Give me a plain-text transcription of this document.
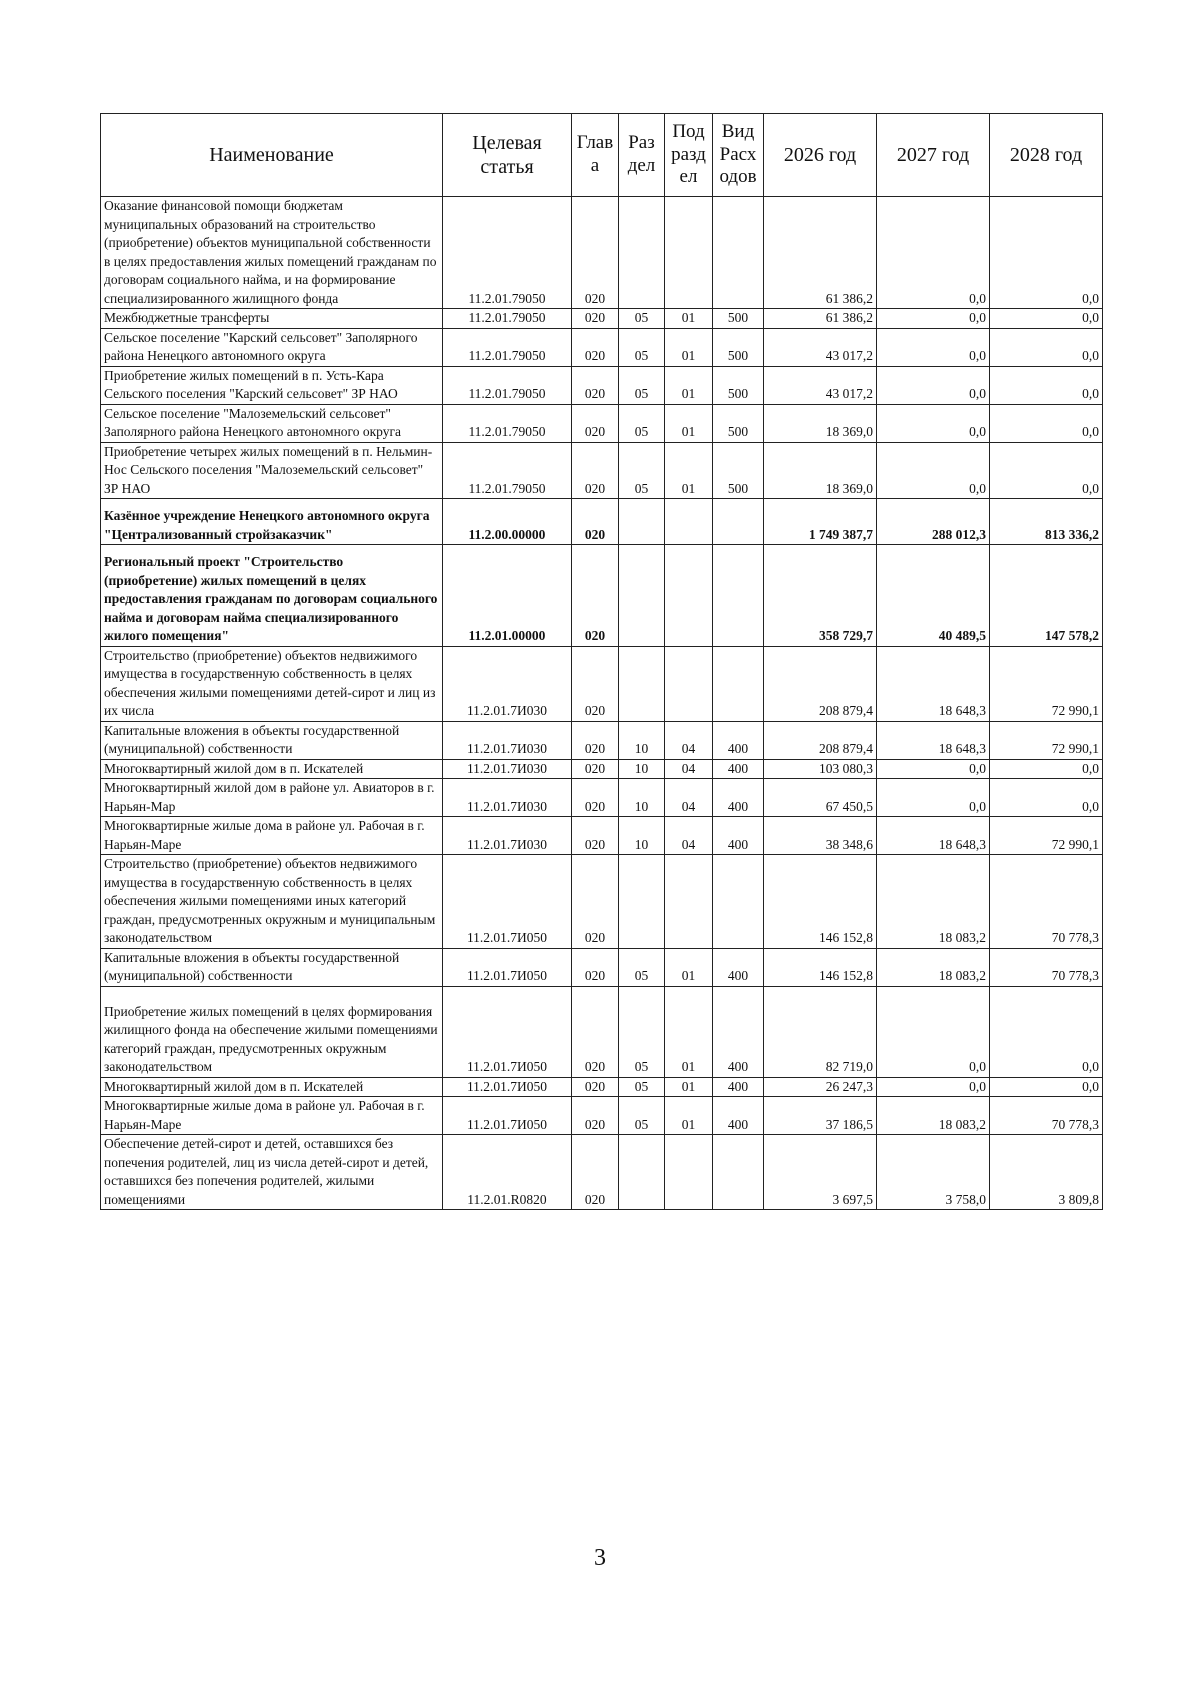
Наименование	Целевая статья	Глав а	Раз дел	Под разд ел	Вид Расх одов	2026 год	2027 год	2028 год
Оказание финансовой помощи бюджетам муниципальных образований на строительство (приобретение) объектов муниципальной собственности в целях предоставления жилых помещений гражданам по договорам социального найма, и на формирование специализированного жилищного фонда	11.2.01.79050	020				61 386,2	0,0	0,0
Межбюджетные трансферты	11.2.01.79050	020	05	01	500	61 386,2	0,0	0,0
Сельское поселение "Карский сельсовет" Заполярного района Ненецкого автономного округа	11.2.01.79050	020	05	01	500	43 017,2	0,0	0,0
Приобретение жилых помещений в п. Усть-Кара Сельского поселения "Карский сельсовет" ЗР НАО	11.2.01.79050	020	05	01	500	43 017,2	0,0	0,0
Сельское поселение "Малоземельский сельсовет" Заполярного района Ненецкого автономного округа	11.2.01.79050	020	05	01	500	18 369,0	0,0	0,0
Приобретение четырех жилых помещений в п. Нельмин-Нос Сельского поселения "Малоземельский сельсовет" ЗР НАО	11.2.01.79050	020	05	01	500	18 369,0	0,0	0,0
Казённое учреждение Ненецкого автономного округа "Централизованный стройзаказчик"	11.2.00.00000	020				1 749 387,7	288 012,3	813 336,2
Региональный проект "Строительство (приобретение) жилых помещений в целях предоставления гражданам по договорам социального найма и договорам найма специализированного жилого помещения"	11.2.01.00000	020				358 729,7	40 489,5	147 578,2
Строительство (приобретение) объектов недвижимого имущества в государственную собственность в целях обеспечения жилыми помещениями детей-сирот и лиц из их числа	11.2.01.7И030	020				208 879,4	18 648,3	72 990,1
Капитальные вложения в объекты государственной (муниципальной) собственности	11.2.01.7И030	020	10	04	400	208 879,4	18 648,3	72 990,1
Многоквартирный жилой дом в п. Искателей	11.2.01.7И030	020	10	04	400	103 080,3	0,0	0,0
Многоквартирный жилой дом в районе ул. Авиаторов в г. Нарьян-Мар	11.2.01.7И030	020	10	04	400	67 450,5	0,0	0,0
Многоквартирные жилые дома в районе ул. Рабочая в г. Нарьян-Маре	11.2.01.7И030	020	10	04	400	38 348,6	18 648,3	72 990,1
Строительство (приобретение) объектов недвижимого имущества в государственную собственность в целях обеспечения жилыми помещениями иных категорий граждан, предусмотренных окружным и муниципальным законодательством	11.2.01.7И050	020				146 152,8	18 083,2	70 778,3
Капитальные вложения в объекты государственной (муниципальной) собственности	11.2.01.7И050	020	05	01	400	146 152,8	18 083,2	70 778,3
Приобретение жилых помещений в целях формирования жилищного фонда на обеспечение жилыми помещениями категорий граждан, предусмотренных окружным законодательством	11.2.01.7И050	020	05	01	400	82 719,0	0,0	0,0
Многоквартирный жилой дом в п. Искателей	11.2.01.7И050	020	05	01	400	26 247,3	0,0	0,0
Многоквартирные жилые дома в районе ул. Рабочая в г. Нарьян-Маре	11.2.01.7И050	020	05	01	400	37 186,5	18 083,2	70 778,3
Обеспечение детей-сирот и детей, оставшихся без попечения родителей, лиц из числа детей-сирот и детей, оставшихся без попечения родителей, жилыми помещениями	11.2.01.R0820	020				3 697,5	3 758,0	3 809,8
3
